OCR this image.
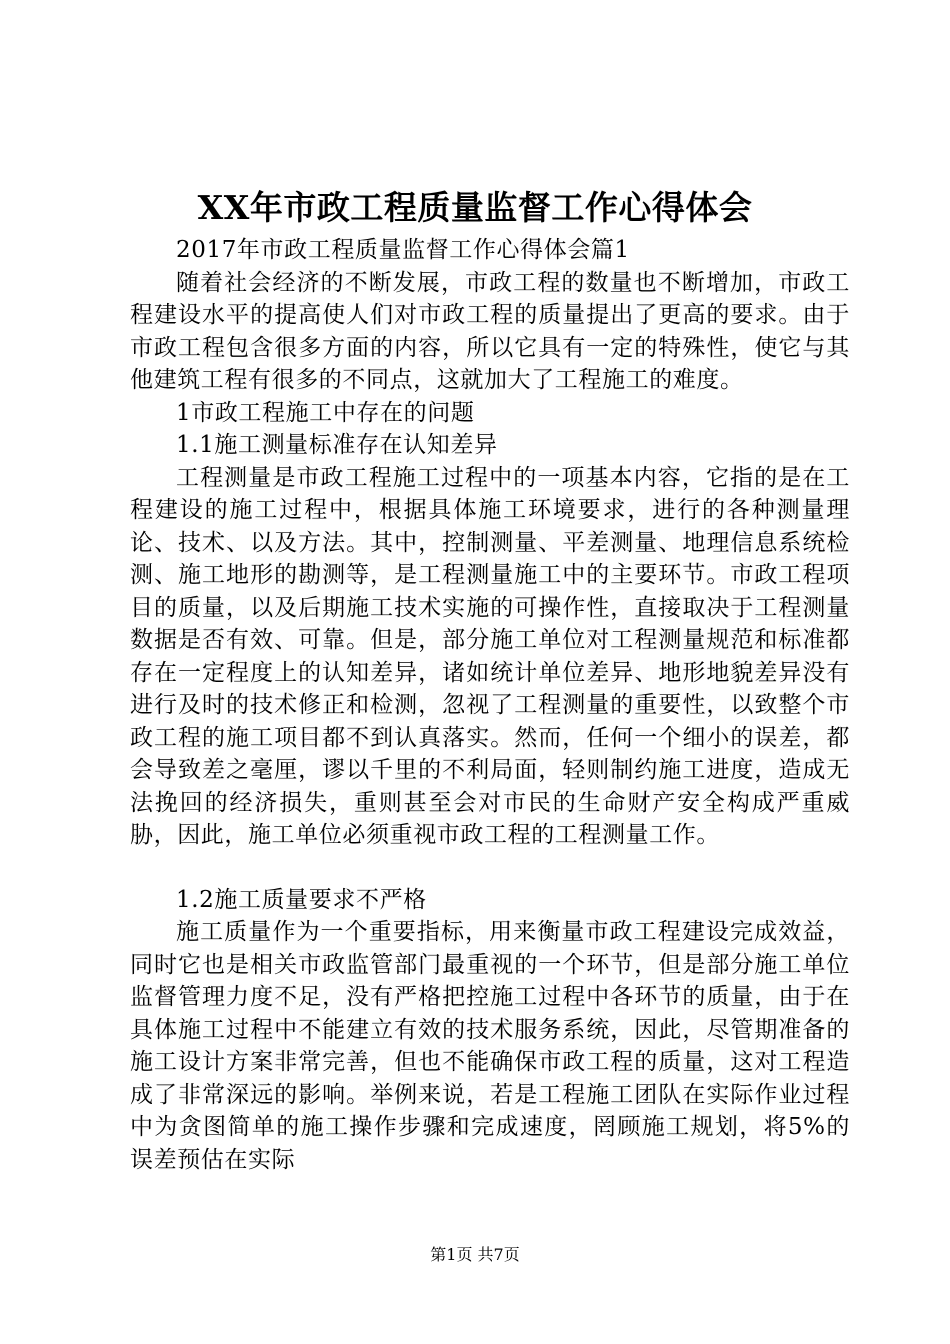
XX年市政工程质量监督工作心得体会

2017年市政工程质量监督工作心得体会篇1

随着社会经济的不断发展，市政工程的数量也不断增加，市政工程建设水平的提高使人们对市政工程的质量提出了更高的要求。由于市政工程包含很多方面的内容，所以它具有一定的特殊性，使它与其他建筑工程有很多的不同点，这就加大了工程施工的难度。

1市政工程施工中存在的问题

1.1施工测量标准存在认知差异

工程测量是市政工程施工过程中的一项基本内容，它指的是在工程建设的施工过程中，根据具体施工环境要求，进行的各种测量理论、技术、以及方法。其中，控制测量、平差测量、地理信息系统检测、施工地形的勘测等，是工程测量施工中的主要环节。市政工程项目的质量，以及后期施工技术实施的可操作性，直接取决于工程测量数据是否有效、可靠。但是，部分施工单位对工程测量规范和标准都存在一定程度上的认知差异，诸如统计单位差异、地形地貌差异没有进行及时的技术修正和检测，忽视了工程测量的重要性，以致整个市政工程的施工项目都不到认真落实。然而，任何一个细小的误差，都会导致差之毫厘，谬以千里的不利局面，轻则制约施工进度，造成无法挽回的经济损失，重则甚至会对市民的生命财产安全构成严重威胁，因此，施工单位必须重视市政工程的工程测量工作。

1.2施工质量要求不严格

施工质量作为一个重要指标，用来衡量市政工程建设完成效益，同时它也是相关市政监管部门最重视的一个环节，但是部分施工单位监督管理力度不足，没有严格把控施工过程中各环节的质量，由于在具体施工过程中不能建立有效的技术服务系统，因此，尽管期准备的施工设计方案非常完善，但也不能确保市政工程的质量，这对工程造成了非常深远的影响。举例来说，若是工程施工团队在实际作业过程中为贪图简单的施工操作步骤和完成速度，罔顾施工规划，将5%的误差预估在实际

第1页 共7页
